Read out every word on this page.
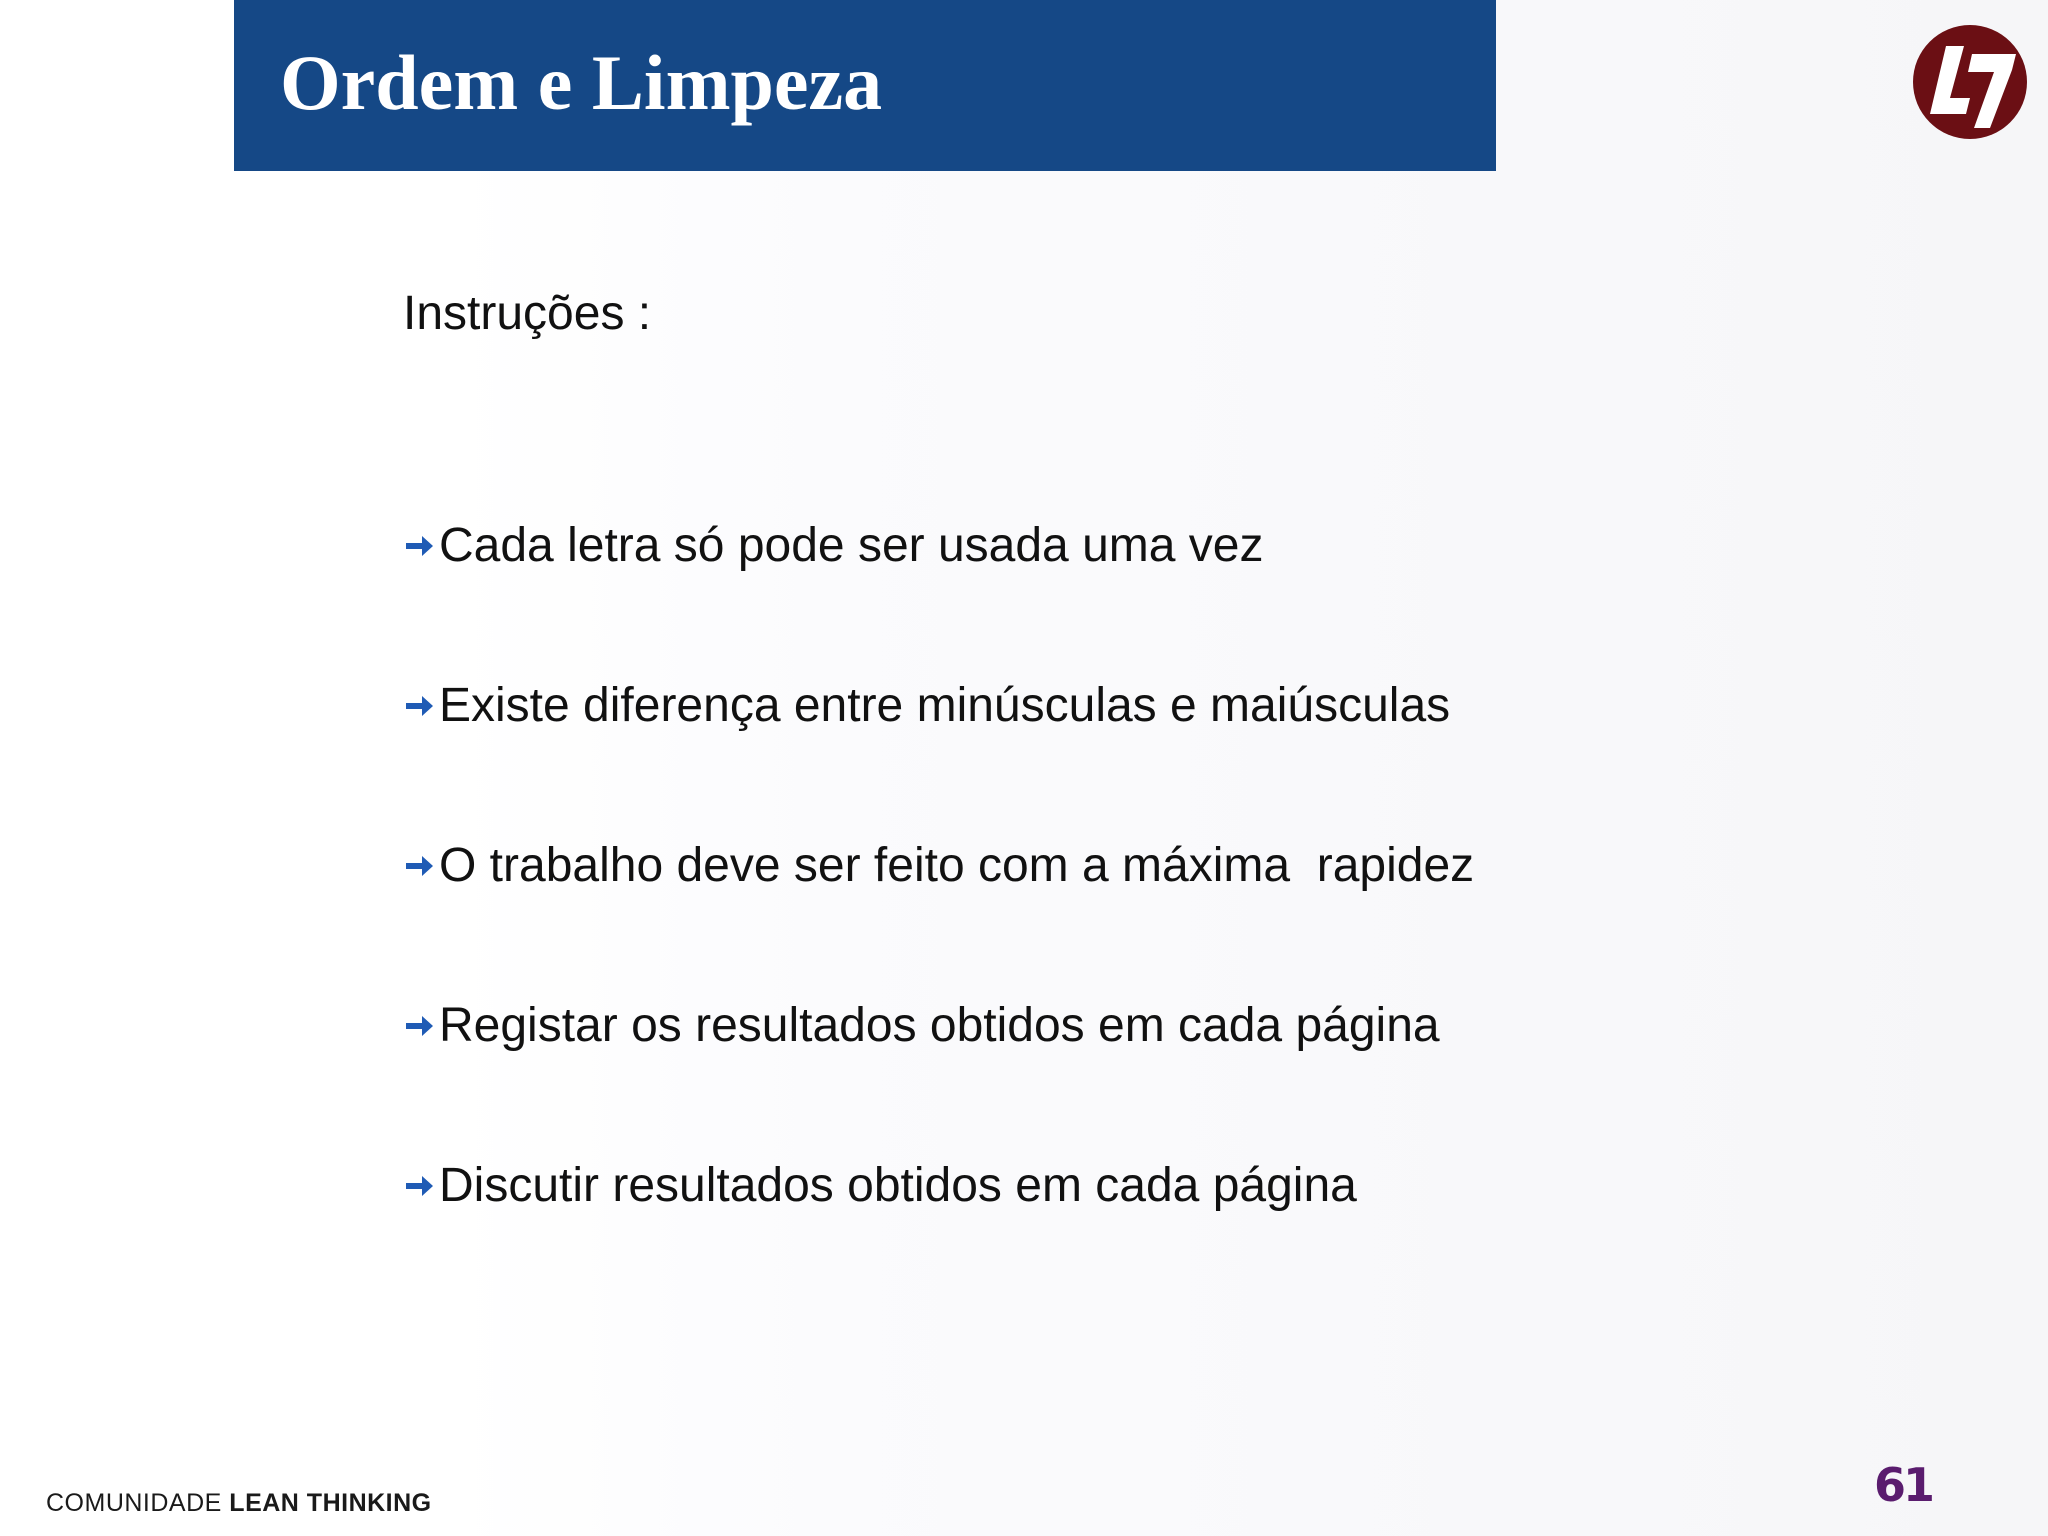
Ordem e Limpeza
Instruções :
Cada letra só pode ser usada uma vez
Existe diferença entre minúsculas e maiúsculas
O trabalho deve ser feito com a máxima  rapidez
Registar os resultados obtidos em cada página
Discutir resultados obtidos em cada página
COMUNIDADE LEAN THINKING	61
